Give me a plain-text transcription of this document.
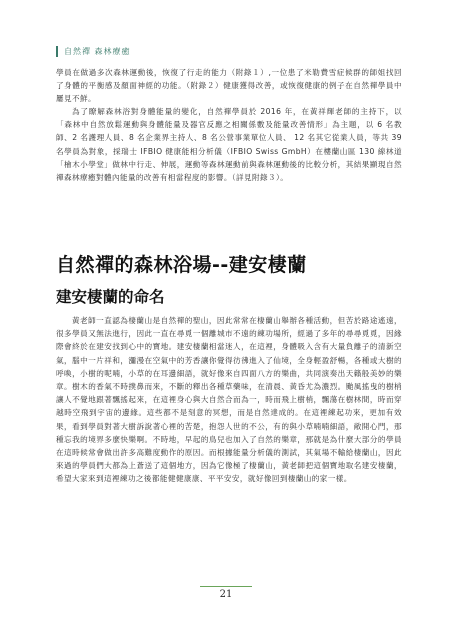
自然禪 森林療癒

學員在做過多次森林運動後，恢復了行走的能力（附錄１）,一位患了米勒費雪症候群的師姐找回了身體的平衡感及顏面神經的功能。（附錄２）健康獲得改善，或恢復健康的例子在自然禪學員中屢見不鮮。

為了瞭解森林浴對身體能量的變化，自然禪學員於 2016 年，在黃祥輝老師的主持下，以「森林中自然放鬆運動與身體能量及器官反應之相關係數及能量改善情形」為主題，以 6 名教師、2 名護理人員、8 名企業界主持人、8 名公營事業單位人員、 12 名其它從業人員，等共 39 名學員為對象，採瑞士 IFBIO 健康能相分析儀（IFBIO Swiss GmbH）在樓蘭山區 130 線林道「檜木小學堂」做林中行走、伸展，運動等森林運動前與森林運動後的比較分析，其結果顯現自然禪森林療癒對體內能量的改善有相當程度的影響。（詳見附錄３）。

自然禪的森林浴場--建安棲蘭
建安棲蘭的命名

黃老師一直認為棲蘭山是自然禪的聖山，因此常常在棲蘭山舉辦各種活動，但苦於路途遙遠，很多學員又無法進行，因此一直在尋覓一個離城市不遠的練功場所，經過了多年的尋尋覓覓，因緣際會終於在建安找到心中的寶地。建安棲蘭相當迷人，在這裡，身體吸入含有大量負離子的清新空氣，腦中一片祥和，瀰漫在空氣中的芳香讓你覺得彷彿進入了仙境，全身輕盈舒暢，各種或大樹的呼喚，小樹的呢喃，小草的在耳邊細語，就好像來自四面八方的樂曲，共同演奏出天籟般美妙的樂章。樹木的香氣不時撲鼻而來，不斷的釋出各種草藥味，在清晨、黃昏尤為濃烈。颱風搖曳的樹梢讓人不覺地跟著飄搖起來，在這裡身心與大自然合而為一，時而飛上樹梢，飄蕩在樹林間，時而穿越時空飛到宇宙的邊緣。這些都不是刻意的冥想，而是自然達成的。在這裡練起功來，更加有效果，看到學員對著大樹訴說著心裡的苦楚，抱怨人世的不公，有的與小草喃喃細語，敞開心門，那種忘我的境界多麼快樂啊。不時地，早起的鳥兒也加入了自然的樂章，那就是為什麼大部分的學員在這時候常會做出許多高難度動作的原因。而根據能量分析儀的測試，其氣場不輸給棲蘭山，因此來過的學員們大都為上蒼送了這個地方，因為它像極了棲蘭山，黃老師把這個寶地取名建安棲蘭，希望大家來到這裡練功之後都能健健康康、平平安安，就好像回到棲蘭山的家一樣。

21
